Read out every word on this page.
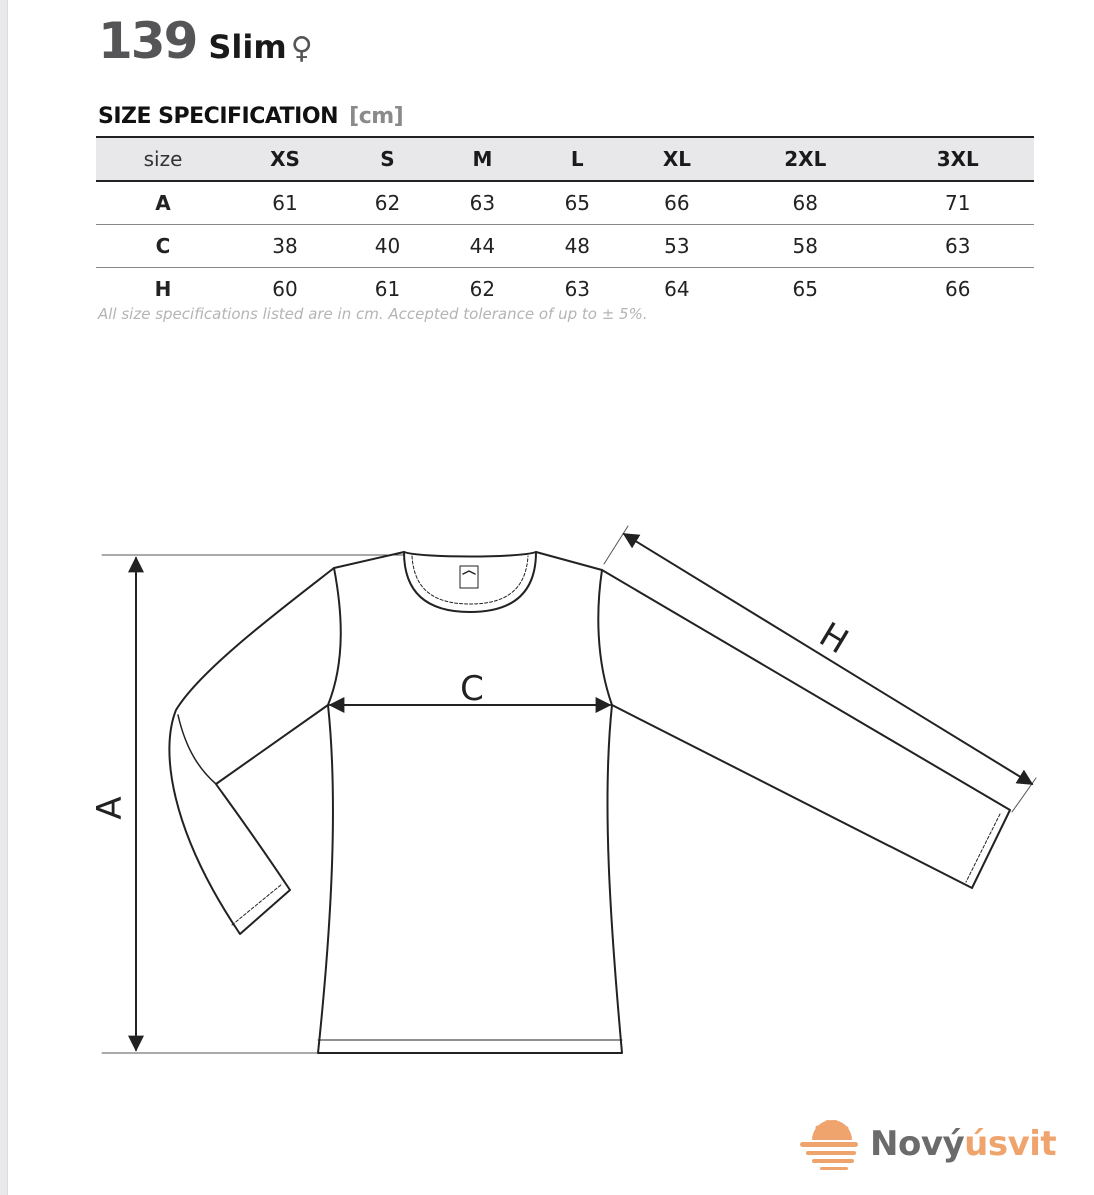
139 Slim ♀
SIZE SPECIFICATION [cm]
size	XS	S	M	L	XL	2XL	3XL
A	61	62	63	65	66	68	71
C	38	40	44	48	53	58	63
H	60	61	62	63	64	65	66
All size specifications listed are in cm. Accepted tolerance of up to ± 5%.
A
H
C
Novýúsvit
